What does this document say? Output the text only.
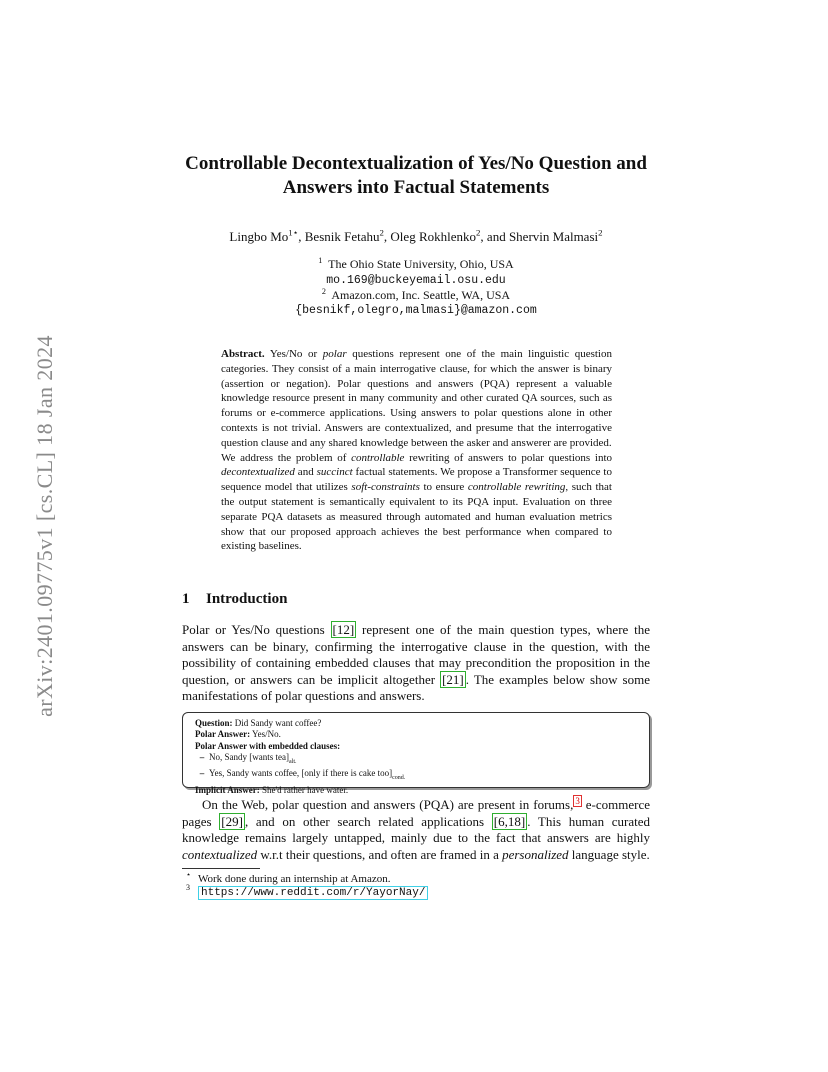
arXiv:2401.09775v1 [cs.CL] 18 Jan 2024
Controllable Decontextualization of Yes/No Question and
Answers into Factual Statements
Lingbo $Mo^{1⋆}$, Besnik Fetahu$^2$, Oleg Rokhlenko$^2$, and Shervin Malmasi$^2$
$^1$ The Ohio State University, Ohio, USA
mo.169@buckeyemail.osu.edu
$^2$ Amazon.com, Inc. Seattle, WA, USA
{besnikf,olegro,malmasi}@amazon.com

Abstract. Yes/No or polar questions represent one of the main linguistic question categories. They consist of a main interrogative clause, for which the answer is binary (assertion or negation). Polar questions and answers (PQA) represent a valuable knowledge resource present in many community and other curated QA sources, such as forums or e-commerce applications. Using answers to polar questions alone in other contexts is not trivial. Answers are contextualized, and presume that the interrogative question clause and any shared knowledge between the asker and answerer are provided.

We address the problem of controllable rewriting of answers to polar questions into decontextualized and succinct factual statements. We propose a Transformer sequence to sequence model that utilizes soft-constraints to ensure controllable rewriting, such that the output statement is semantically equivalent to its PQA input. Evaluation on three separate PQA datasets as measured through automated and human evaluation metrics show that our proposed approach achieves the best performance when compared to existing baselines.

1 Introduction

Polar or Yes/No questions [12] represent one of the main question types, where the answers can be binary, confirming the interrogative clause in the question, with the possibility of containing embedded clauses that may precondition the proposition in the question, or answers can be implicit altogether [21] . The examples below show some manifestations of polar questions and answers.

Question: Did Sandy want coffee?
Polar Answer: Yes/No.
Polar Answer with embedded clauses:
– No, Sandy [wants $tea]_{alt.}$
– Yes, Sandy wants coffee, [only if there is cake $too]_{cond.}$
Implicit Answer: She'd rather have water.

On the Web, polar question and answers (PQA) are present in forums, $^3$ e-commerce pages [29] , and on other search related applications [6,18] . This human curated knowledge remains largely untapped, mainly due to the fact that answers are highly contextualized w.r.t their questions, and often are framed in a personalized language style.

⋆ Work done during an internship at Amazon.
3 https://www.reddit.com/r/YayorNay/
